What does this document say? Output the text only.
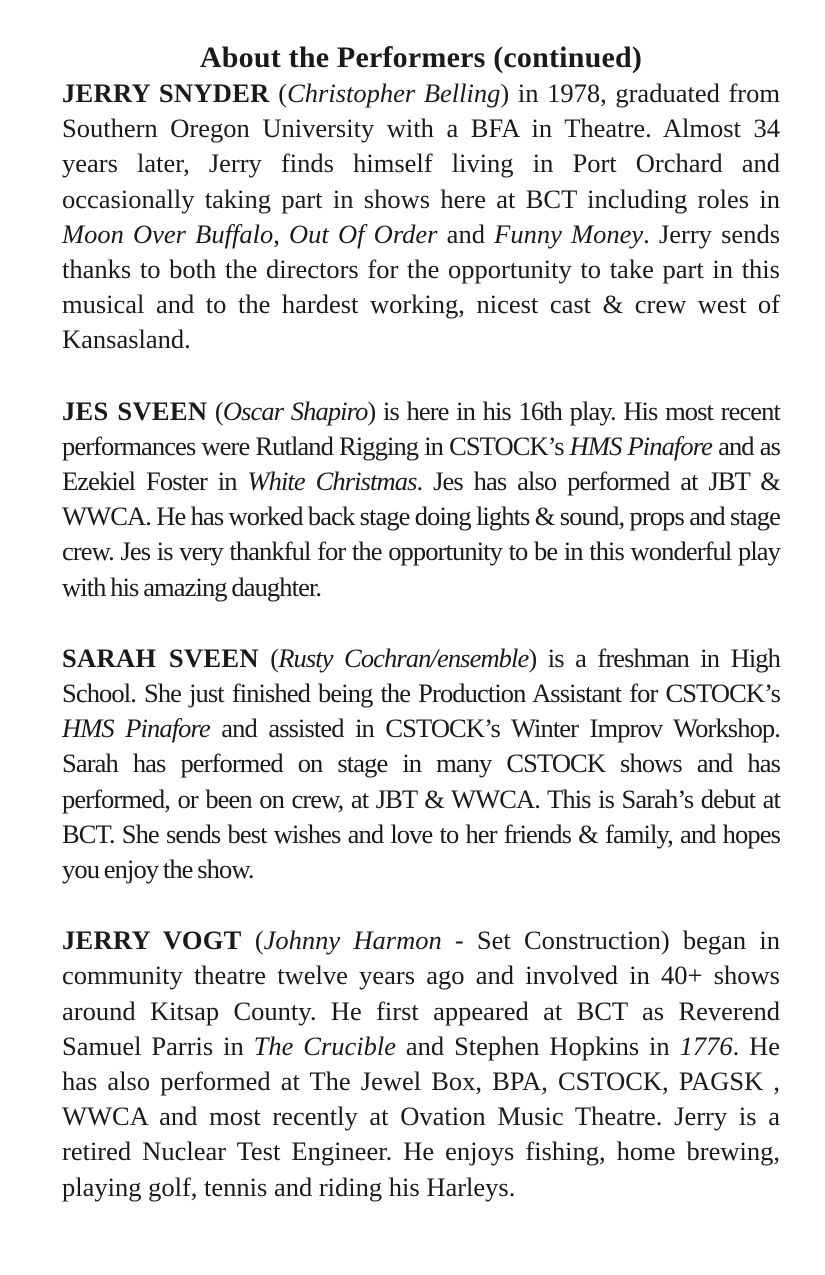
About the Performers (continued)

JERRY SNYDER (Christopher Belling) in 1978, graduated from Southern Oregon University with a BFA in Theatre. Almost 34 years later, Jerry finds himself living in Port Orchard and occasionally taking part in shows here at BCT including roles in Moon Over Buffalo, Out Of Order and Funny Money. Jerry sends thanks to both the directors for the opportunity to take part in this musical and to the hardest working, nicest cast & crew west of Kansasland.

JES SVEEN (Oscar Shapiro) is here in his 16th play. His most recent performances were Rutland Rigging in CSTOCK’s HMS Pinafore and as Ezekiel Foster in White Christmas. Jes has also performed at JBT & WWCA. He has worked back stage doing lights & sound, props and stage crew. Jes is very thankful for the opportunity to be in this wonderful play with his amazing daughter.

SARAH SVEEN (Rusty Cochran/ensemble) is a freshman in High School. She just finished being the Production Assistant for CSTOCK’s HMS Pinafore and assisted in CSTOCK’s Winter Improv Workshop. Sarah has performed on stage in many CSTOCK shows and has performed, or been on crew, at JBT & WWCA. This is Sarah’s debut at BCT. She sends best wishes and love to her friends & family, and hopes you enjoy the show.

JERRY VOGT (Johnny Harmon - Set Construction) began in community theatre twelve years ago and involved in 40+ shows around Kitsap County. He first appeared at BCT as Reverend Samuel Parris in The Crucible and Stephen Hopkins in 1776. He has also performed at The Jewel Box, BPA, CSTOCK, PAGSK , WWCA and most recently at Ovation Music Theatre. Jerry is a retired Nuclear Test Engineer. He enjoys fishing, home brewing, playing golf, tennis and riding his Harleys.
